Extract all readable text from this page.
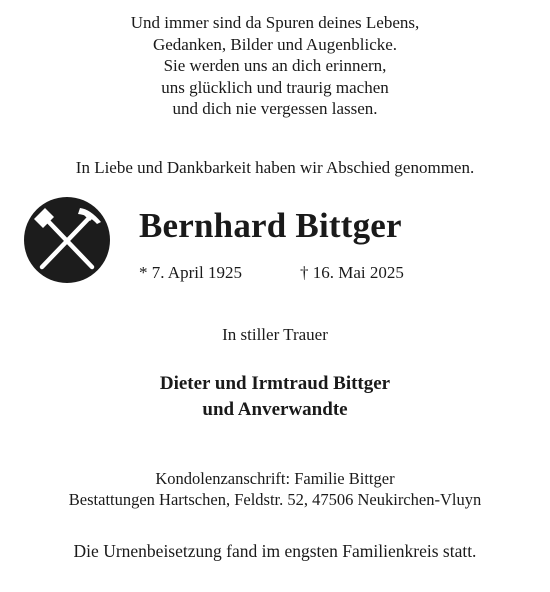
Und immer sind da Spuren deines Lebens,
Gedanken, Bilder und Augenblicke.
Sie werden uns an dich erinnern,
uns glücklich und traurig machen
und dich nie vergessen lassen.
In Liebe und Dankbarkeit haben wir Abschied genommen.
Bernhard Bittger
* 7. April 1925	† 16. Mai 2025
In stiller Trauer
Dieter und Irmtraud Bittger
und Anverwandte
Kondolenzanschrift: Familie Bittger
Bestattungen Hartschen, Feldstr. 52, 47506 Neukirchen-Vluyn
Die Urnenbeisetzung fand im engsten Familienkreis statt.
